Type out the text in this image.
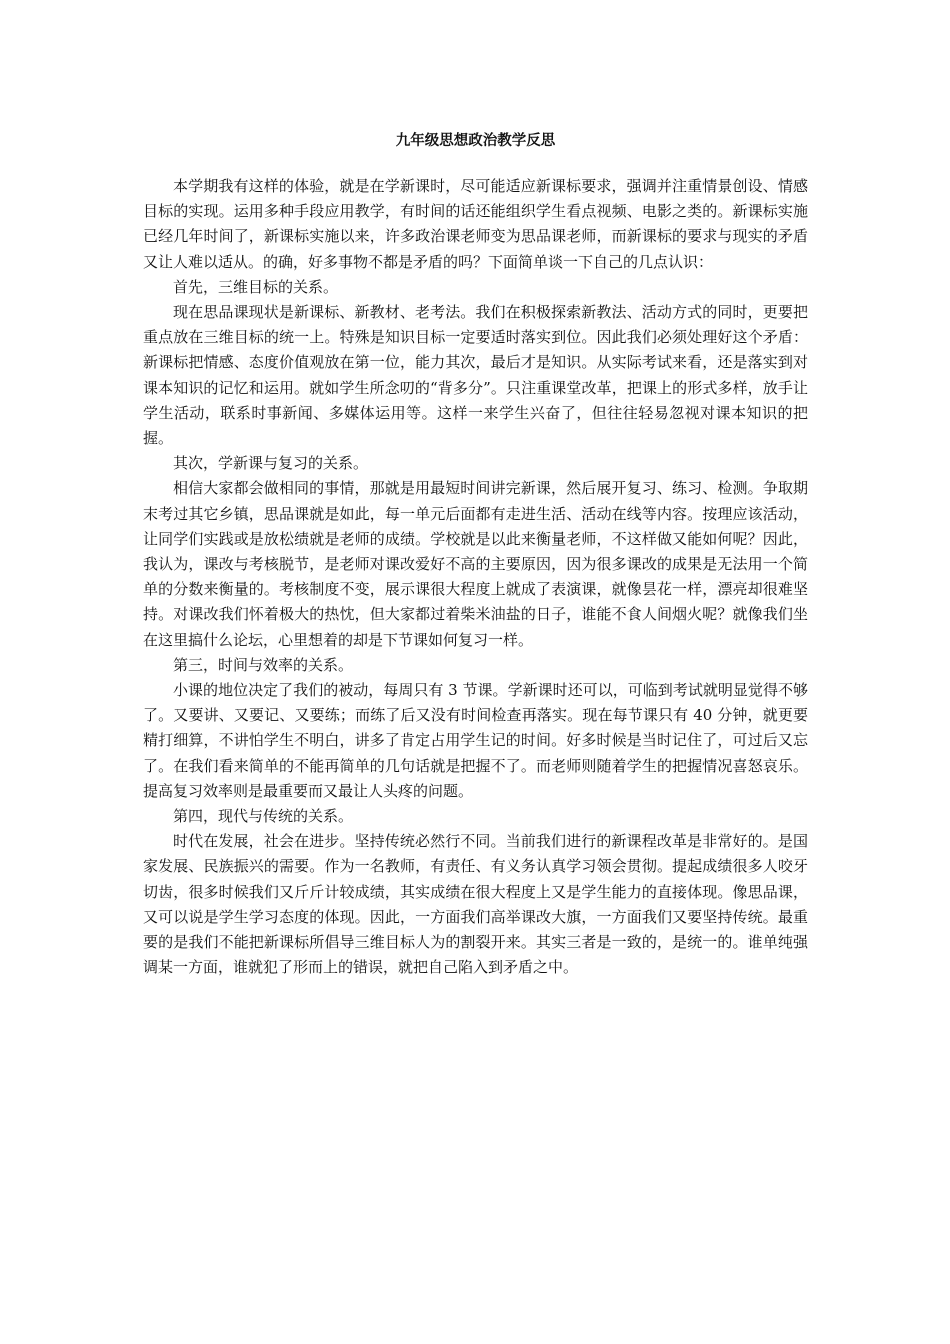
九年级思想政治教学反思

本学期我有这样的体验，就是在学新课时，尽可能适应新课标要求，强调并注重情景创设、情感目标的实现。运用多种手段应用教学，有时间的话还能组织学生看点视频、电影之类的。新课标实施已经几年时间了，新课标实施以来，许多政治课老师变为思品课老师，而新课标的要求与现实的矛盾又让人难以适从。的确，好多事物不都是矛盾的吗？下面简单谈一下自己的几点认识：

首先，三维目标的关系。

现在思品课现状是新课标、新教材、老考法。我们在积极探索新教法、活动方式的同时，更要把重点放在三维目标的统一上。特殊是知识目标一定要适时落实到位。因此我们必须处理好这个矛盾：新课标把情感、态度价值观放在第一位，能力其次，最后才是知识。从实际考试来看，还是落实到对课本知识的记忆和运用。就如学生所念叨的“背多分”。只注重课堂改革，把课上的形式多样，放手让学生活动，联系时事新闻、多媒体运用等。这样一来学生兴奋了，但往往轻易忽视对课本知识的把握。

其次，学新课与复习的关系。

相信大家都会做相同的事情，那就是用最短时间讲完新课，然后展开复习、练习、检测。争取期末考过其它乡镇，思品课就是如此，每一单元后面都有走进生活、活动在线等内容。按理应该活动，让同学们实践或是放松绩就是老师的成绩。学校就是以此来衡量老师，不这样做又能如何呢？因此，我认为，课改与考核脱节，是老师对课改爱好不高的主要原因，因为很多课改的成果是无法用一个简单的分数来衡量的。考核制度不变，展示课很大程度上就成了表演课，就像昙花一样，漂亮却很难坚持。对课改我们怀着极大的热忱，但大家都过着柴米油盐的日子，谁能不食人间烟火呢？就像我们坐在这里搞什么论坛，心里想着的却是下节课如何复习一样。

第三，时间与效率的关系。

小课的地位决定了我们的被动，每周只有 3 节课。学新课时还可以，可临到考试就明显觉得不够了。又要讲、又要记、又要练；而练了后又没有时间检查再落实。现在每节课只有 40 分钟，就更要精打细算，不讲怕学生不明白，讲多了肯定占用学生记的时间。好多时候是当时记住了，可过后又忘了。在我们看来简单的不能再简单的几句话就是把握不了。而老师则随着学生的把握情况喜怒哀乐。提高复习效率则是最重要而又最让人头疼的问题。

第四，现代与传统的关系。

时代在发展，社会在进步。坚持传统必然行不同。当前我们进行的新课程改革是非常好的。是国家发展、民族振兴的需要。作为一名教师，有责任、有义务认真学习领会贯彻。提起成绩很多人咬牙切齿，很多时候我们又斤斤计较成绩，其实成绩在很大程度上又是学生能力的直接体现。像思品课，又可以说是学生学习态度的体现。因此，一方面我们高举课改大旗，一方面我们又要坚持传统。最重要的是我们不能把新课标所倡导三维目标人为的割裂开来。其实三者是一致的，是统一的。谁单纯强调某一方面，谁就犯了形而上的错误，就把自己陷入到矛盾之中。
